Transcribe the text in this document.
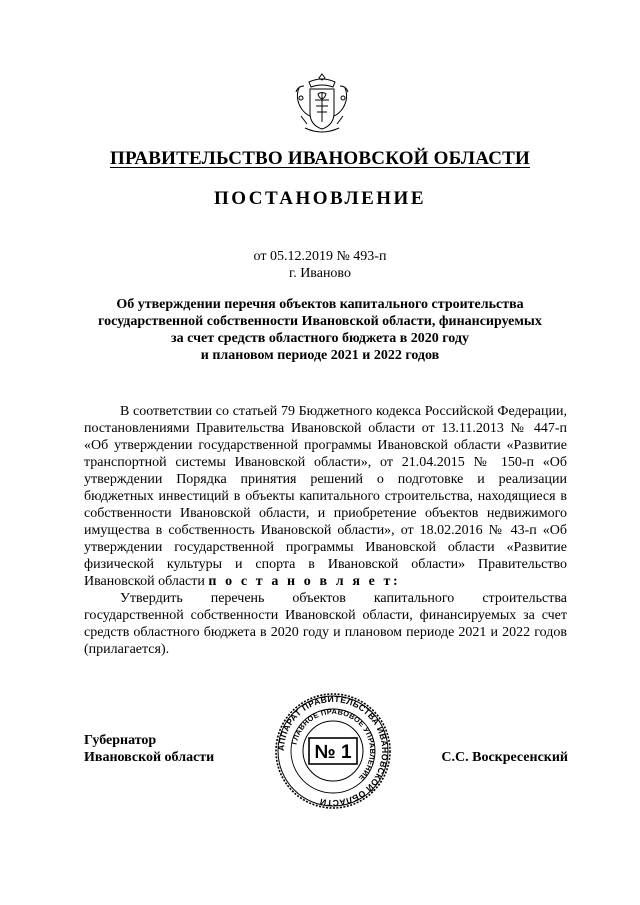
ПРАВИТЕЛЬСТВО ИВАНОВСКОЙ ОБЛАСТИ
ПОСТАНОВЛЕНИЕ
от 05.12.2019 № 493-п
г. Иваново
Об утверждении перечня объектов капитального строительства
государственной собственности Ивановской области, финансируемых
за счет средств областного бюджета в 2020 году
и плановом периоде 2021 и 2022 годов

В соответствии со статьей 79 Бюджетного кодекса Российской Федерации, постановлениями Правительства Ивановской области от 13.11.2013 № 447-п «Об утверждении государственной программы Ивановской области «Развитие транспортной системы Ивановской области», от 21.04.2015 № 150-п «Об утверждении Порядка принятия решений о подготовке и реализации бюджетных инвестиций в объекты капитального строительства, находящиеся в собственности Ивановской области, и приобретение объектов недвижимого имущества в собственность Ивановской области», от 18.02.2016 № 43-п «Об утверждении государственной программы Ивановской области «Развитие физической культуры и спорта в Ивановской области» Правительство Ивановской области п о с т а н о в л я е т:

Утвердить перечень объектов капитального строительства государственной собственности Ивановской области, финансируемых за счет средств областного бюджета в 2020 году и плановом периоде 2021 и 2022 годов (прилагается).

Губернатор
Ивановской области	С.С. Воскресенский
АППАРАТ ПРАВИТЕЛЬСТВА ИВАНОВСКОЙ ОБЛАСТИ
ГЛАВНОЕ ПРАВОВОЕ УПРАВЛЕНИЕ
№ 1
